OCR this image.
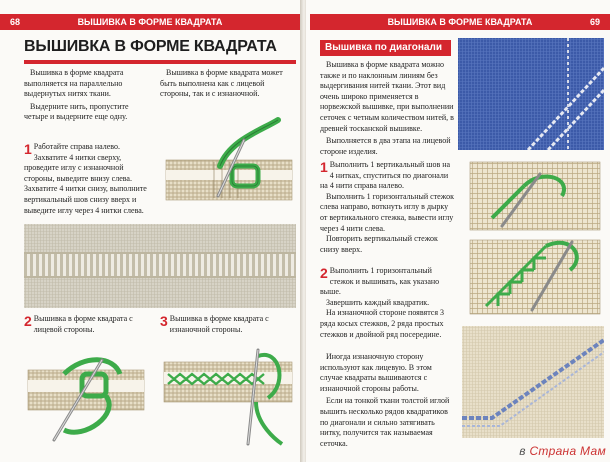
68	ВЫШИВКА В ФОРМЕ КВАДРАТА
ВЫШИВКА В ФОРМЕ КВАДРАТА

Вышивка в форме квадрата выполняется на параллельно выдернутых нитях ткани.

Выдерните нить, пропустите четыре и выдерните еще одну.

Вышивка в форме квадрата может быть выполнена как с лицевой стороны, так и с изнаночной.

1 Работайте справа налево. Захватите 4 нитки сверху, проведите иглу с изнаночной стороны, выведите внизу слева. Захватите 4 нитки снизу, выполните вертикальный шов снизу вверх и выведите иглу через 4 нитки слева.
2 Вышивка в форме квадрата с лицевой стороны.
3 Вышивка в форме квадрата с изнаночной стороны.
ВЫШИВКА В ФОРМЕ КВАДРАТА	69
Вышивка по диагонали

Вышивка в форме квадрата можно также и по наклонным линиям без выдергивания нитей ткани. Этот вид очень широко применяется в норвежской вышивке, при выполнении сеточек с четным количеством нитей, в древней тосканской вышивке.

Выполняется в два этапа на лицевой стороне изделия.

1 Выполнить 1 вертикальный шов на 4 нитках, спуститься по диагонали на 4 нити справа налево.

Выполнить 1 горизонтальный стежок слева направо, воткнуть иглу в дырку от вертикального стежка, вывести иглу через 4 нити слева.

Повторить вертикальный стежок снизу вверх.

2 Выполнить 1 горизонтальный стежок и вышивать, как указано выше.

Завершить каждый квадратик.

На изнаночной стороне появятся 3 ряда косых стежков, 2 ряда простых стежков и двойной ряд посередине.

Иногда изнаночную сторону используют как лицевую. В этом случае квадраты вышиваются с изнаночной стороны работы.

Если на тонкой ткани толстой иглой вышить несколько рядов квадратиков по диагонали и сильно затягивать нитку, получится так называемая сеточка.

в Страна Мам
